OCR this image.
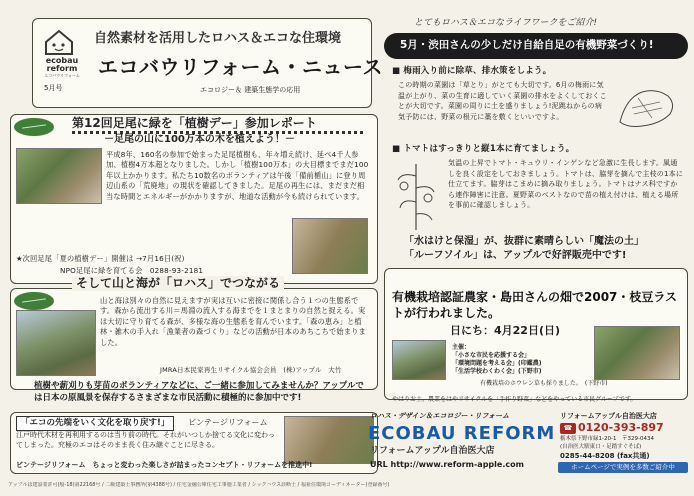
ecobau
reform
エコバウリフォーム
5月号
自然素材を活用したロハス＆エコな住環境
エコバウリフォーム・ニュース
エコロジー＆ 建築生態学の応用
第12回足尾に緑を「植樹デー」参加レポート
－足尾の山に100万本の木を植えよう！－
平成8年、160名の参加で始まった足尾植樹も、年々増え続け、延べ4千人参加、植樹4万本超となりました。しかし「植樹100万本」の大目標までまだ100年以上かかります。私たち10数名のボランティアは午後「備前楯山」に登り周辺山系の「荒廃地」の現状を確認してきました。足尾の再生には、まだまだ相当な時間とエネルギーがかかりますが、地道な活動が今も続けられています。
★次回足尾「夏の植樹デー」開催は →7月16日(祝)
NPO足尾に緑を育てる会　0288-93-2181
そして山と海が「ロハス」でつながる
山と海は別々の自然に見えますが実は互いに密接に関係し合う１つの生態系です。森から流出する川＝馬淵の流入する海までを１まとまりの自然と捉える。実は大切に守り育てる森が、多様な海の生態系を育んでいます。「森の恵み」と植林・雑木の手入れ「漁業者の森づくり」などの活動が日本のあちこちで始まりました。
JMRA日本民家再生リサイクル協会会員　(株)アップル　大竹
植樹や薪刈りも芽苗のボランティアなどに、ご一緒に参加してみませんか？アップルでは日本の原風景を保存するさまざまな市民活動に積極的に参加中です!
「エコの先端をいく文化を取り戻す!」	ビンテージリフォーム
江戸時代木材を再利用するのは当り前の時代。それがいつしか捨てる文化に変わってしまった。究極のエコはそのまま長く住み継ぐことに尽きる。
ビンテージリフォーム　ちょっと変わった楽しさが詰まったコンセプト・リフォームを推進中!
とてもロハス＆エコなライフワークをご紹介!
5月・渋田さんの少しだけ自給自足の有機野菜づくり!
■ 梅雨入り前に除草、排水策をしよう。
この時期の菜園は「草とり」がとても大切です。6月の梅雨に気温が上がり、菜の生育に適していく菜園の排水をよくしておくことが大切です。菜園の周りに土を盛りましょう!泥跳ねからの病気予防には、野菜の根元に藁を敷くといいですよ。
■ トマトはすっきりと縦1本に育てましょう。
気温の上昇でトマト・キュウリ・インゲンなど急激に生長します。風通しを良く設定をしておきましょう。トマトは、脇芽を摘んで主枝の1本に仕立てます。脇芽はこまめに摘み取りましょう。トマトはナス科ですから連作障害に注意。夏野菜のベストなので苗の植え付けは、植える場所を事前に確認しましょう。
「水はけと保湿」が、抜群に素晴らしい「魔法の土」
「ルーフソイル」は、アップルで好評販売中です!
有機栽培認証農家・島田さんの畑で2007・枝豆ラストが行われました。
日にち：4月22日(日)
主催：
「小さな市民を応援する会」
「環境問題を考える会」(印鑑農)
「生活学校わくわく会」(下野市)
有機栽培のホウレン草も採りました。　(下野市)
やはりお土、農業をはやリサイクルを「手作り野菜」などをやっている市民グループです。
ロハス・デザイン＆エコロジー・リフォーム
ECOBAU REFORM
リフォームアップル自治医大店
URL http://www.reform-apple.com
リフォームアップル自治医大店
☎ 0120-393-897
栃木県下野市緑1-20-1　〒329-0434
(自治医大駅東口・足踏すぐそば)
0285-44-8208 (fax共通)
ホームページで実例を多数ご紹介中
アップルは建設業許可(般-18)第22168号 / 二級建築士事務所(第4388号) / 住宅金融公庫住宅工事施工業者 / シックハウス診断士 / 福祉住環境コーディネーター(登録番号)
